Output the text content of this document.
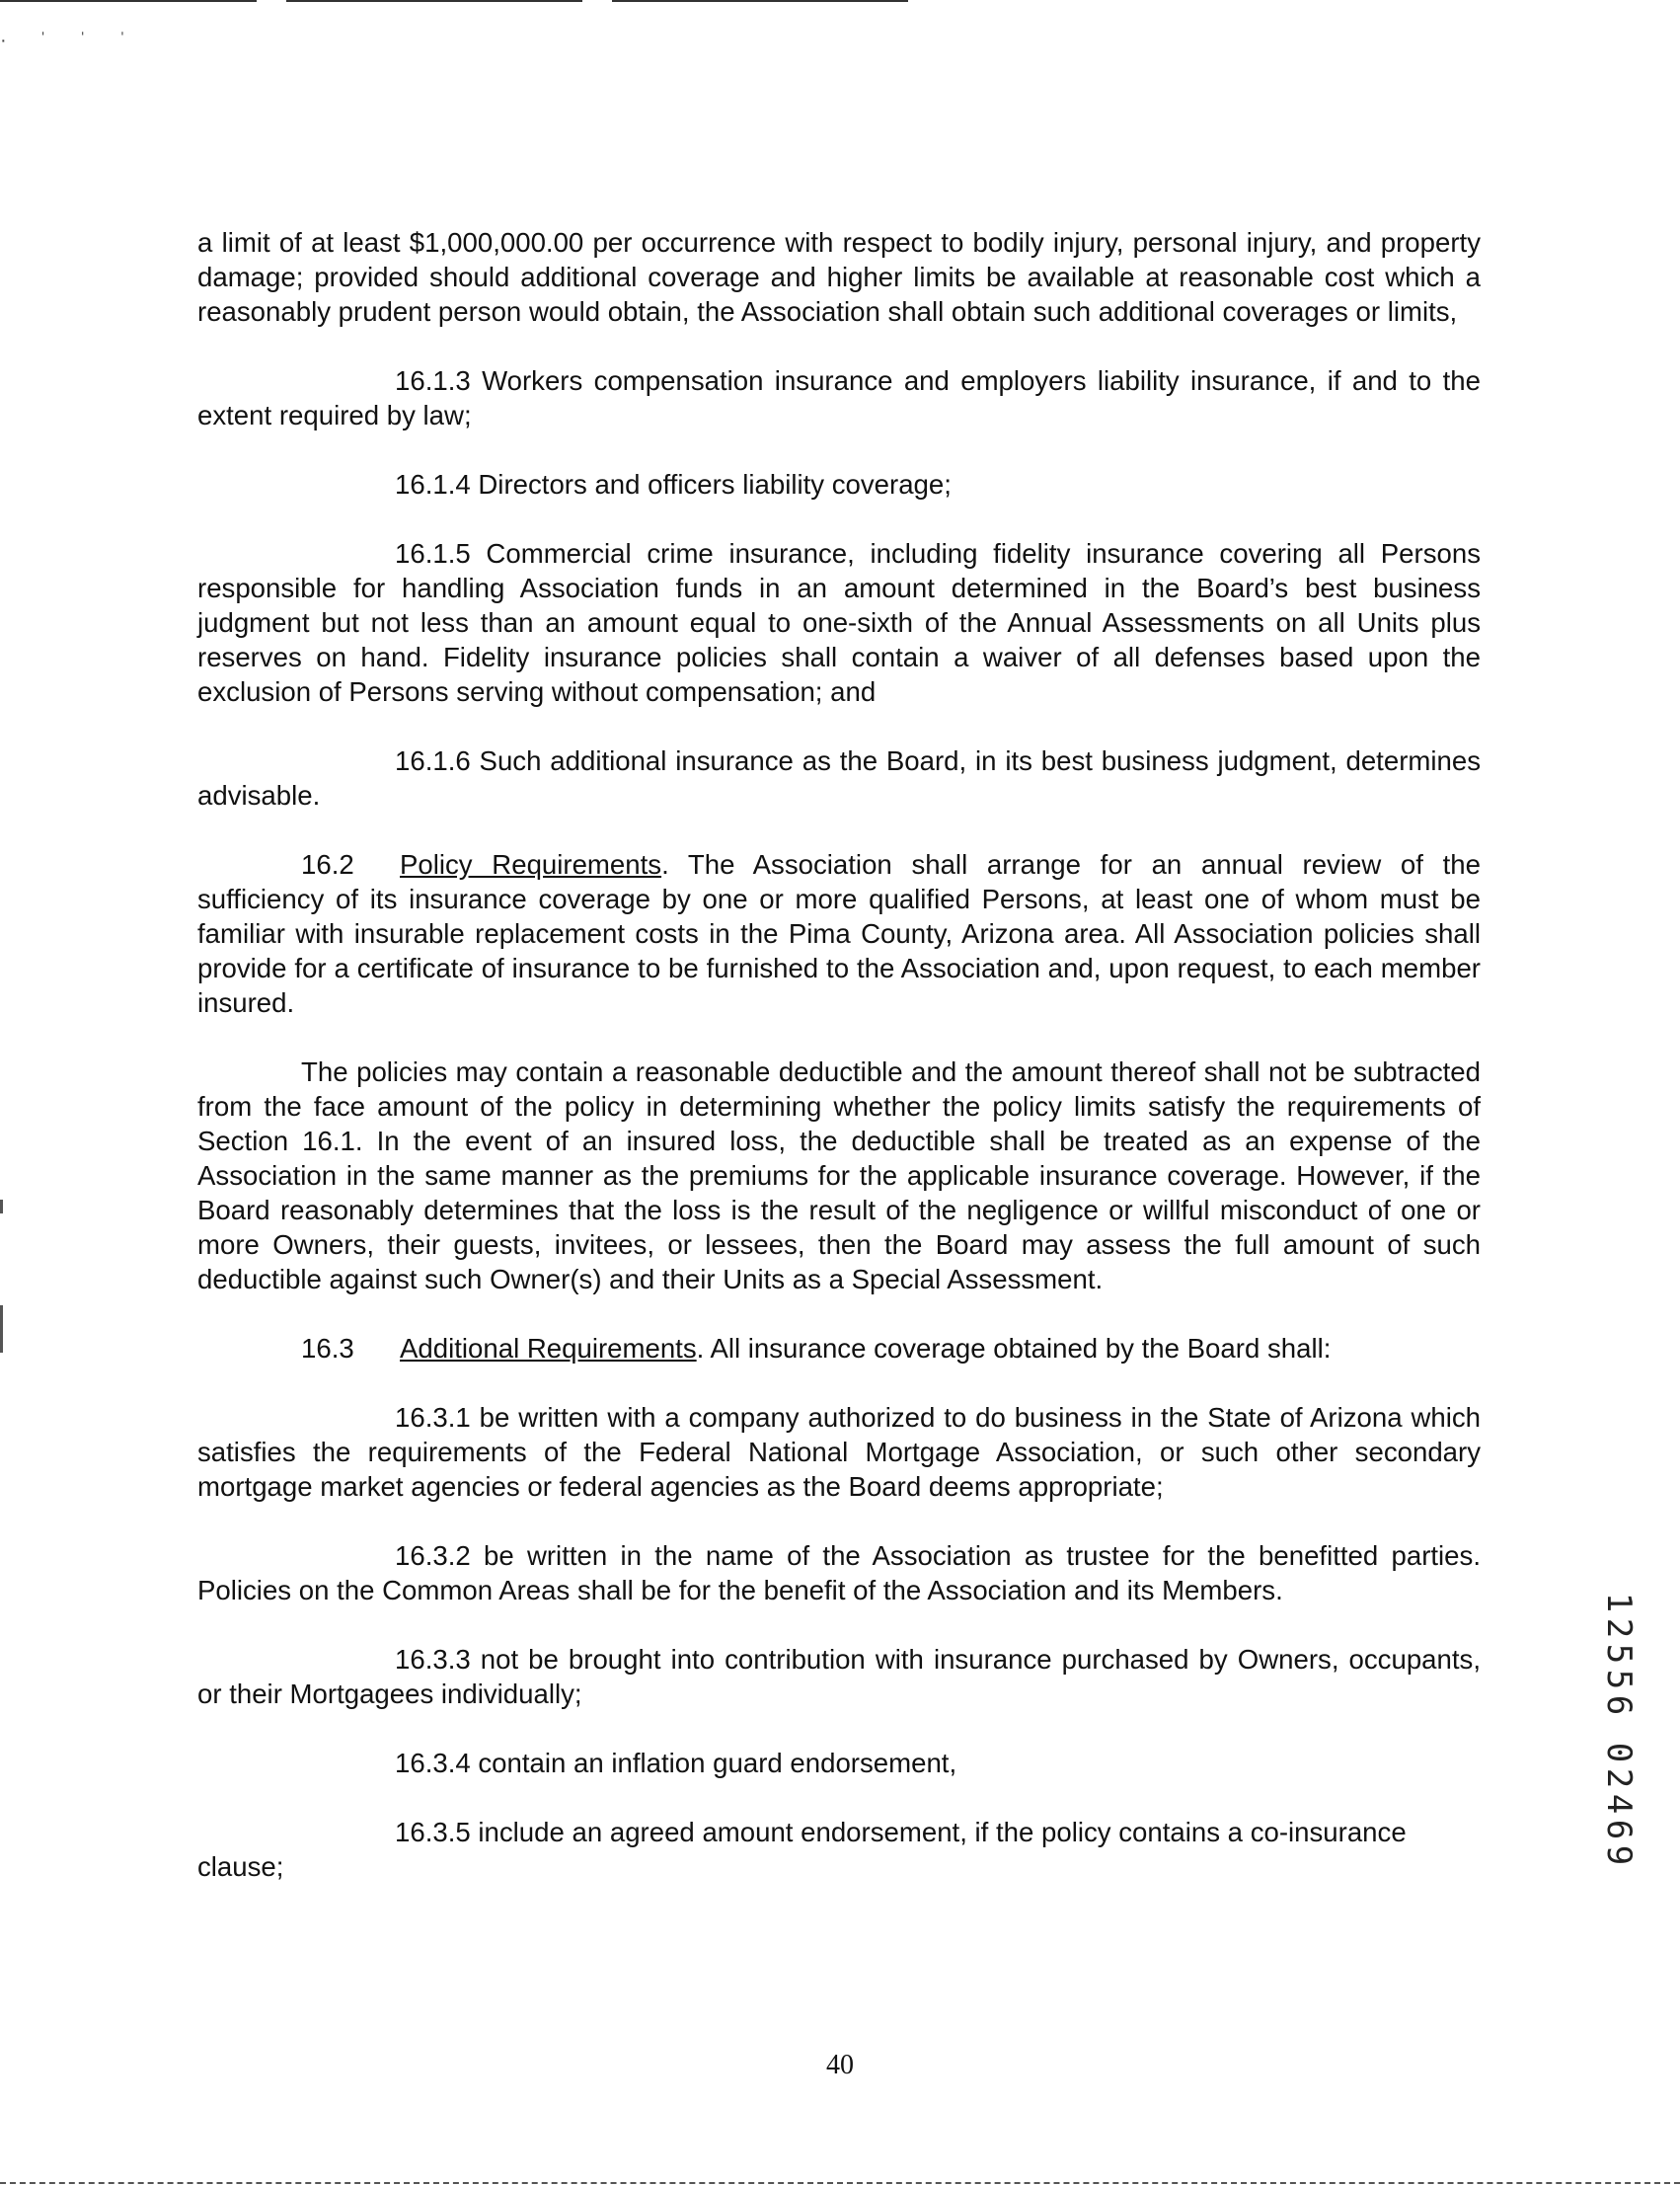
· ˈ ˈ ˈ

a limit of at least $1,000,000.00 per occurrence with respect to bodily injury, personal injury, and property damage; provided should additional coverage and higher limits be available at reasonable cost which a reasonably prudent person would obtain, the Association shall obtain such additional coverages or limits,

16.1.3 Workers compensation insurance and employers liability insurance, if and to the extent required by law;

16.1.4 Directors and officers liability coverage;

16.1.5 Commercial crime insurance, including fidelity insurance covering all Persons responsible for handling Association funds in an amount determined in the Board’s best business judgment but not less than an amount equal to one-sixth of the Annual Assessments on all Units plus reserves on hand. Fidelity insurance policies shall contain a waiver of all defenses based upon the exclusion of Persons serving without compensation; and

16.1.6 Such additional insurance as the Board, in its best business judgment, determines advisable.

16.2 Policy Requirements. The Association shall arrange for an annual review of the sufficiency of its insurance coverage by one or more qualified Persons, at least one of whom must be familiar with insurable replacement costs in the Pima County, Arizona area. All Association policies shall provide for a certificate of insurance to be furnished to the Association and, upon request, to each member insured.

The policies may contain a reasonable deductible and the amount thereof shall not be subtracted from the face amount of the policy in determining whether the policy limits satisfy the requirements of Section 16.1. In the event of an insured loss, the deductible shall be treated as an expense of the Association in the same manner as the premiums for the applicable insurance coverage. However, if the Board reasonably determines that the loss is the result of the negligence or willful misconduct of one or more Owners, their guests, invitees, or lessees, then the Board may assess the full amount of such deductible against such Owner(s) and their Units as a Special Assessment.

16.3 Additional Requirements. All insurance coverage obtained by the Board shall:

16.3.1 be written with a company authorized to do business in the State of Arizona which satisfies the requirements of the Federal National Mortgage Association, or such other secondary mortgage market agencies or federal agencies as the Board deems appropriate;

16.3.2 be written in the name of the Association as trustee for the benefitted parties. Policies on the Common Areas shall be for the benefit of the Association and its Members.

16.3.3 not be brought into contribution with insurance purchased by Owners, occupants, or their Mortgagees individually;

16.3.4 contain an inflation guard endorsement,

16.3.5 include an agreed amount endorsement, if the policy contains a co-insurance

clause;

1
2
5
5
6
0
2
4
6
9
40
